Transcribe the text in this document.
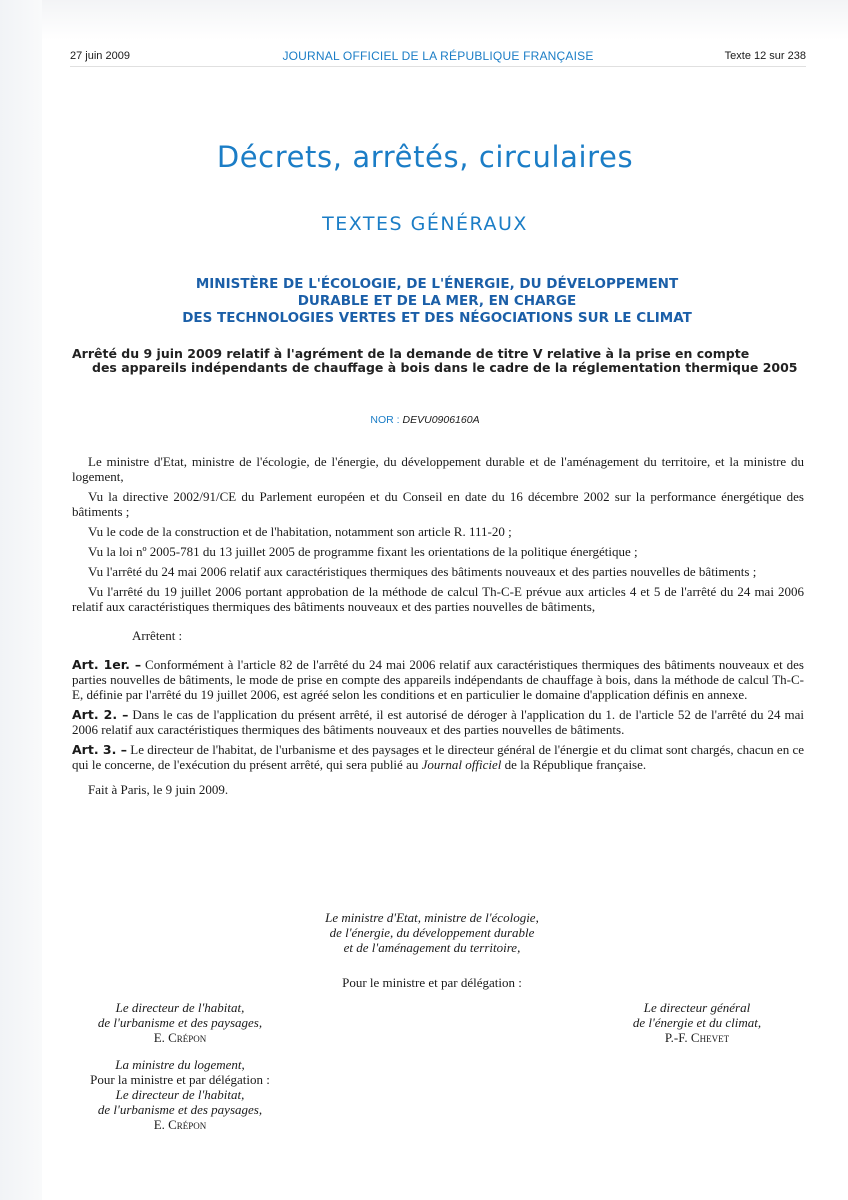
27 juin 2009	JOURNAL OFFICIEL DE LA RÉPUBLIQUE FRANÇAISE	Texte 12 sur 238
Décrets, arrêtés, circulaires
TEXTES GÉNÉRAUX
MINISTÈRE DE L'ÉCOLOGIE, DE L'ÉNERGIE, DU DÉVELOPPEMENT
DURABLE ET DE LA MER, EN CHARGE
DES TECHNOLOGIES VERTES ET DES NÉGOCIATIONS SUR LE CLIMAT
Arrêté du 9 juin 2009 relatif à l'agrément de la demande de titre V relative à la prise en compte
des appareils indépendants de chauffage à bois dans le cadre de la réglementation thermique 2005
NOR : DEVU0906160A

Le ministre d'Etat, ministre de l'écologie, de l'énergie, du développement durable et de l'aménagement du territoire, et la ministre du logement,

Vu la directive 2002/91/CE du Parlement européen et du Conseil en date du 16 décembre 2002 sur la performance énergétique des bâtiments ;

Vu le code de la construction et de l'habitation, notamment son article R. 111-20 ;

Vu la loi nº 2005-781 du 13 juillet 2005 de programme fixant les orientations de la politique énergétique ;

Vu l'arrêté du 24 mai 2006 relatif aux caractéristiques thermiques des bâtiments nouveaux et des parties nouvelles de bâtiments ;

Vu l'arrêté du 19 juillet 2006 portant approbation de la méthode de calcul Th-C-E prévue aux articles 4 et 5 de l'arrêté du 24 mai 2006 relatif aux caractéristiques thermiques des bâtiments nouveaux et des parties nouvelles de bâtiments,

Arrêtent :

Art. 1er. – Conformément à l'article 82 de l'arrêté du 24 mai 2006 relatif aux caractéristiques thermiques des bâtiments nouveaux et des parties nouvelles de bâtiments, le mode de prise en compte des appareils indépendants de chauffage à bois, dans la méthode de calcul Th-C-E, définie par l'arrêté du 19 juillet 2006, est agréé selon les conditions et en particulier le domaine d'application définis en annexe.

Art. 2. – Dans le cas de l'application du présent arrêté, il est autorisé de déroger à l'application du 1. de l'article 52 de l'arrêté du 24 mai 2006 relatif aux caractéristiques thermiques des bâtiments nouveaux et des parties nouvelles de bâtiments.

Art. 3. – Le directeur de l'habitat, de l'urbanisme et des paysages et le directeur général de l'énergie et du climat sont chargés, chacun en ce qui le concerne, de l'exécution du présent arrêté, qui sera publié au Journal officiel de la République française.

Fait à Paris, le 9 juin 2009.

Le ministre d'Etat, ministre de l'écologie,
de l'énergie, du développement durable
et de l'aménagement du territoire,
Pour le ministre et par délégation :
Le directeur de l'habitat,
de l'urbanisme et des paysages,
E. Crépon
Le directeur général
de l'énergie et du climat,
P.-F. Chevet
La ministre du logement,
Pour la ministre et par délégation :
Le directeur de l'habitat,
de l'urbanisme et des paysages,
E. Crépon
